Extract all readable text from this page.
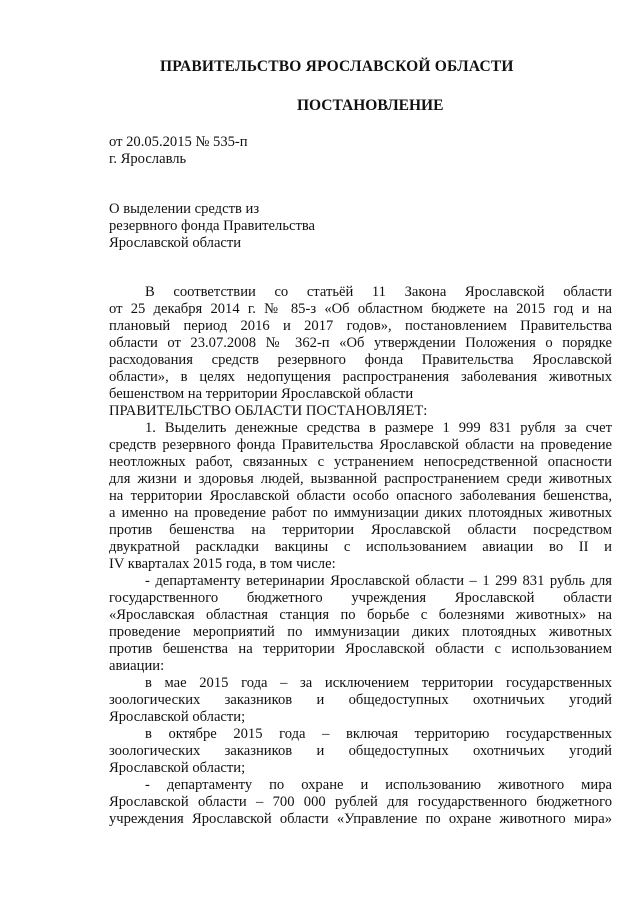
ПРАВИТЕЛЬСТВО ЯРОСЛАВСКОЙ ОБЛАСТИ
ПОСТАНОВЛЕНИЕ
от 20.05.2015 № 535-п
г. Ярославль
О выделении средств из
резервного фонда Правительства
Ярославской области
В соответствии со статьёй 11 Закона Ярославской области
от 25 декабря 2014 г. № 85-з «Об областном бюджете на 2015 год и на
плановый период 2016 и 2017 годов», постановлением Правительства
области от 23.07.2008 № 362-п «Об утверждении Положения о порядке
расходования средств резервного фонда Правительства Ярославской
области», в целях недопущения распространения заболевания животных
бешенством на территории Ярославской области
ПРАВИТЕЛЬСТВО ОБЛАСТИ ПОСТАНОВЛЯЕТ:
1. Выделить денежные средства в размере 1 999 831 рубля за счет
средств резервного фонда Правительства Ярославской области на проведение
неотложных работ, связанных с устранением непосредственной опасности
для жизни и здоровья людей, вызванной распространением среди животных
на территории Ярославской области особо опасного заболевания бешенства,
а именно на проведение работ по иммунизации диких плотоядных животных
против бешенства на территории Ярославской области посредством
двукратной раскладки вакцины с использованием авиации во II и
IV кварталах 2015 года, в том числе:
- департаменту ветеринарии Ярославской области – 1 299 831 рубль для
государственного бюджетного учреждения Ярославской области
«Ярославская областная станция по борьбе с болезнями животных» на
проведение мероприятий по иммунизации диких плотоядных животных
против бешенства на территории Ярославской области с использованием
авиации:
в мае 2015 года – за исключением территории государственных
зоологических заказников и общедоступных охотничьих угодий
Ярославской области;
в октябре 2015 года – включая территорию государственных
зоологических заказников и общедоступных охотничьих угодий
Ярославской области;
- департаменту по охране и использованию животного мира
Ярославской области – 700 000 рублей для государственного бюджетного
учреждения Ярославской области «Управление по охране животного мира»
